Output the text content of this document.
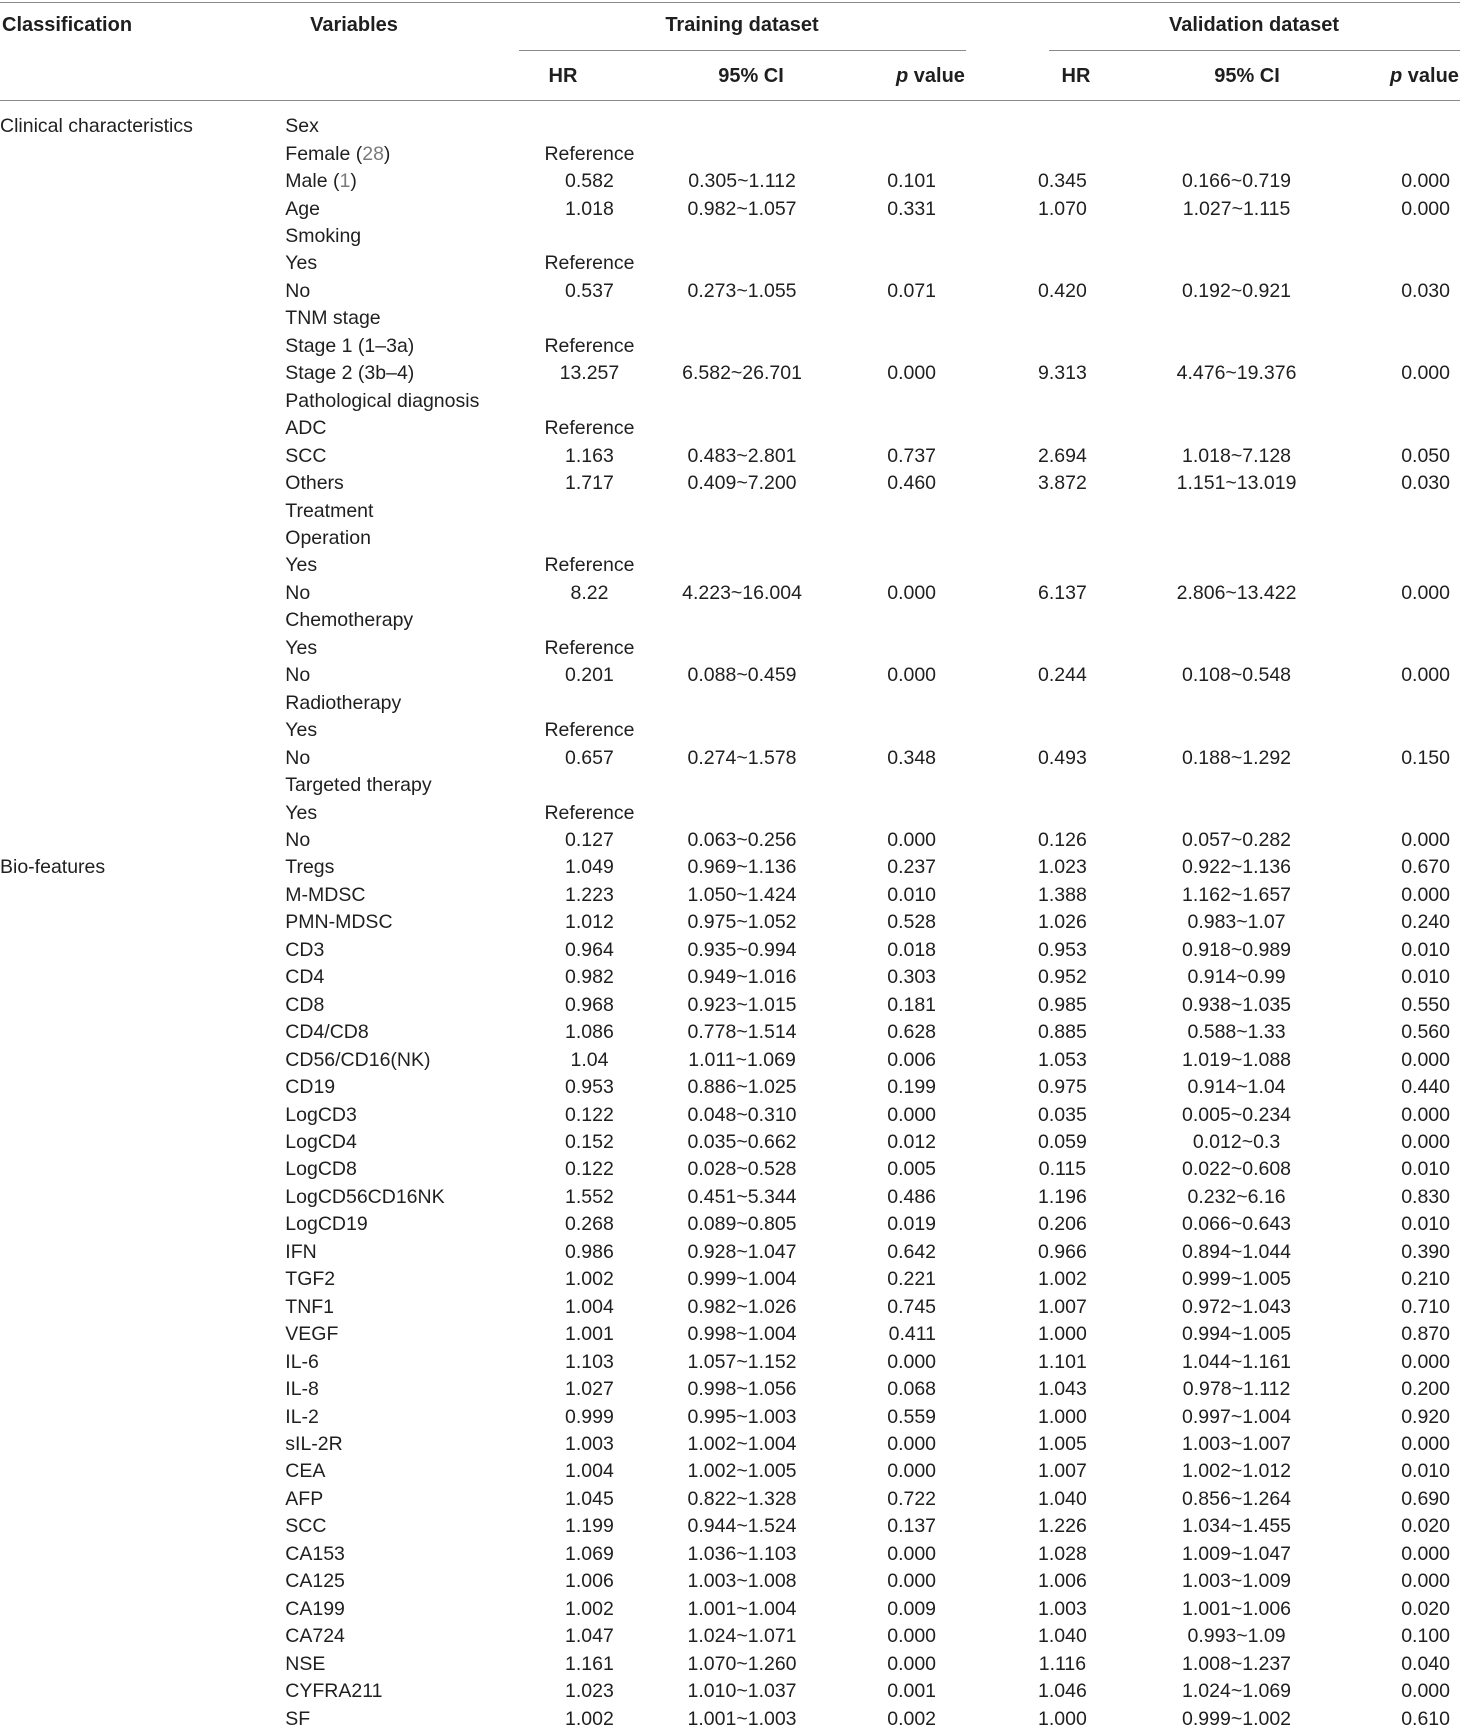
Classification	Variables	Training dataset	Validation dataset
HR	95% CI	p value	HR	95% CI	p value
Clinical characteristics	Sex							
	Female (28)	Reference						
	Male (1)	0.582	0.305~1.112	0.101		0.345	0.166~0.719	0.000
	Age	1.018	0.982~1.057	0.331		1.070	1.027~1.115	0.000
	Smoking							
	Yes	Reference						
	No	0.537	0.273~1.055	0.071		0.420	0.192~0.921	0.030
	TNM stage							
	Stage 1 (1–3a)	Reference						
	Stage 2 (3b–4)	13.257	6.582~26.701	0.000		9.313	4.476~19.376	0.000
	Pathological diagnosis							
	ADC	Reference						
	SCC	1.163	0.483~2.801	0.737		2.694	1.018~7.128	0.050
	Others	1.717	0.409~7.200	0.460		3.872	1.151~13.019	0.030
	Treatment							
	Operation							
	Yes	Reference						
	No	8.22	4.223~16.004	0.000		6.137	2.806~13.422	0.000
	Chemotherapy							
	Yes	Reference						
	No	0.201	0.088~0.459	0.000		0.244	0.108~0.548	0.000
	Radiotherapy							
	Yes	Reference						
	No	0.657	0.274~1.578	0.348		0.493	0.188~1.292	0.150
	Targeted therapy							
	Yes	Reference						
	No	0.127	0.063~0.256	0.000		0.126	0.057~0.282	0.000
Bio-features	Tregs	1.049	0.969~1.136	0.237		1.023	0.922~1.136	0.670
	M-MDSC	1.223	1.050~1.424	0.010		1.388	1.162~1.657	0.000
	PMN-MDSC	1.012	0.975~1.052	0.528		1.026	0.983~1.07	0.240
	CD3	0.964	0.935~0.994	0.018		0.953	0.918~0.989	0.010
	CD4	0.982	0.949~1.016	0.303		0.952	0.914~0.99	0.010
	CD8	0.968	0.923~1.015	0.181		0.985	0.938~1.035	0.550
	CD4/CD8	1.086	0.778~1.514	0.628		0.885	0.588~1.33	0.560
	CD56/CD16(NK)	1.04	1.011~1.069	0.006		1.053	1.019~1.088	0.000
	CD19	0.953	0.886~1.025	0.199		0.975	0.914~1.04	0.440
	LogCD3	0.122	0.048~0.310	0.000		0.035	0.005~0.234	0.000
	LogCD4	0.152	0.035~0.662	0.012		0.059	0.012~0.3	0.000
	LogCD8	0.122	0.028~0.528	0.005		0.115	0.022~0.608	0.010
	LogCD56CD16NK	1.552	0.451~5.344	0.486		1.196	0.232~6.16	0.830
	LogCD19	0.268	0.089~0.805	0.019		0.206	0.066~0.643	0.010
	IFN	0.986	0.928~1.047	0.642		0.966	0.894~1.044	0.390
	TGF2	1.002	0.999~1.004	0.221		1.002	0.999~1.005	0.210
	TNF1	1.004	0.982~1.026	0.745		1.007	0.972~1.043	0.710
	VEGF	1.001	0.998~1.004	0.411		1.000	0.994~1.005	0.870
	IL-6	1.103	1.057~1.152	0.000		1.101	1.044~1.161	0.000
	IL-8	1.027	0.998~1.056	0.068		1.043	0.978~1.112	0.200
	IL-2	0.999	0.995~1.003	0.559		1.000	0.997~1.004	0.920
	sIL-2R	1.003	1.002~1.004	0.000		1.005	1.003~1.007	0.000
	CEA	1.004	1.002~1.005	0.000		1.007	1.002~1.012	0.010
	AFP	1.045	0.822~1.328	0.722		1.040	0.856~1.264	0.690
	SCC	1.199	0.944~1.524	0.137		1.226	1.034~1.455	0.020
	CA153	1.069	1.036~1.103	0.000		1.028	1.009~1.047	0.000
	CA125	1.006	1.003~1.008	0.000		1.006	1.003~1.009	0.000
	CA199	1.002	1.001~1.004	0.009		1.003	1.001~1.006	0.020
	CA724	1.047	1.024~1.071	0.000		1.040	0.993~1.09	0.100
	NSE	1.161	1.070~1.260	0.000		1.116	1.008~1.237	0.040
	CYFRA211	1.023	1.010~1.037	0.001		1.046	1.024~1.069	0.000
	SF	1.002	1.001~1.003	0.002		1.000	0.999~1.002	0.610
